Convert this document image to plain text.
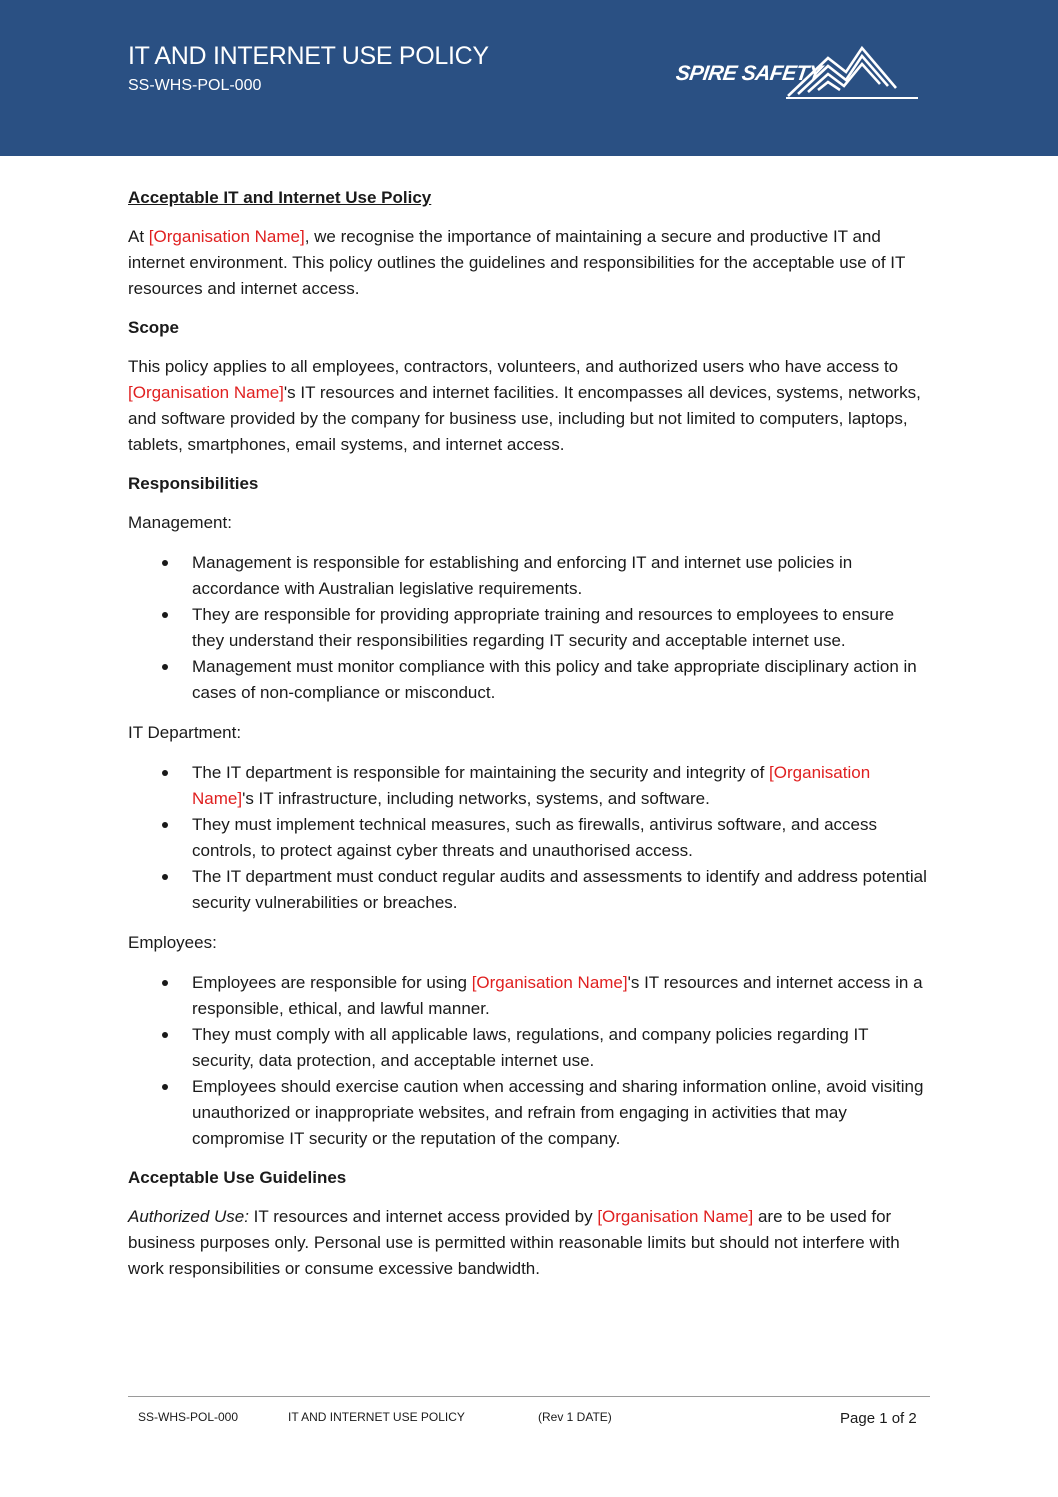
IT AND INTERNET USE POLICY
SS-WHS-POL-000
SPIRE SAFETY
Acceptable IT and Internet Use Policy

At [Organisation Name], we recognise the importance of maintaining a secure and productive IT and internet environment. This policy outlines the guidelines and responsibilities for the acceptable use of IT resources and internet access.

Scope

This policy applies to all employees, contractors, volunteers, and authorized users who have access to [Organisation Name]'s IT resources and internet facilities. It encompasses all devices, systems, networks, and software provided by the company for business use, including but not limited to computers, laptops, tablets, smartphones, email systems, and internet access.

Responsibilities
Management:
Management is responsible for establishing and enforcing IT and internet use policies in accordance with Australian legislative requirements.
They are responsible for providing appropriate training and resources to employees to ensure they understand their responsibilities regarding IT security and acceptable internet use.
Management must monitor compliance with this policy and take appropriate disciplinary action in cases of non-compliance or misconduct.
IT Department:
The IT department is responsible for maintaining the security and integrity of [Organisation Name]'s IT infrastructure, including networks, systems, and software.
They must implement technical measures, such as firewalls, antivirus software, and access controls, to protect against cyber threats and unauthorised access.
The IT department must conduct regular audits and assessments to identify and address potential security vulnerabilities or breaches.
Employees:
Employees are responsible for using [Organisation Name]'s IT resources and internet access in a responsible, ethical, and lawful manner.
They must comply with all applicable laws, regulations, and company policies regarding IT security, data protection, and acceptable internet use.
Employees should exercise caution when accessing and sharing information online, avoid visiting unauthorized or inappropriate websites, and refrain from engaging in activities that may compromise IT security or the reputation of the company.
Acceptable Use Guidelines

Authorized Use: IT resources and internet access provided by [Organisation Name] are to be used for business purposes only. Personal use is permitted within reasonable limits but should not interfere with work responsibilities or consume excessive bandwidth.

SS-WHS-POL-000	IT AND INTERNET USE POLICY	(Rev 1 DATE)	Page 1 of 2
